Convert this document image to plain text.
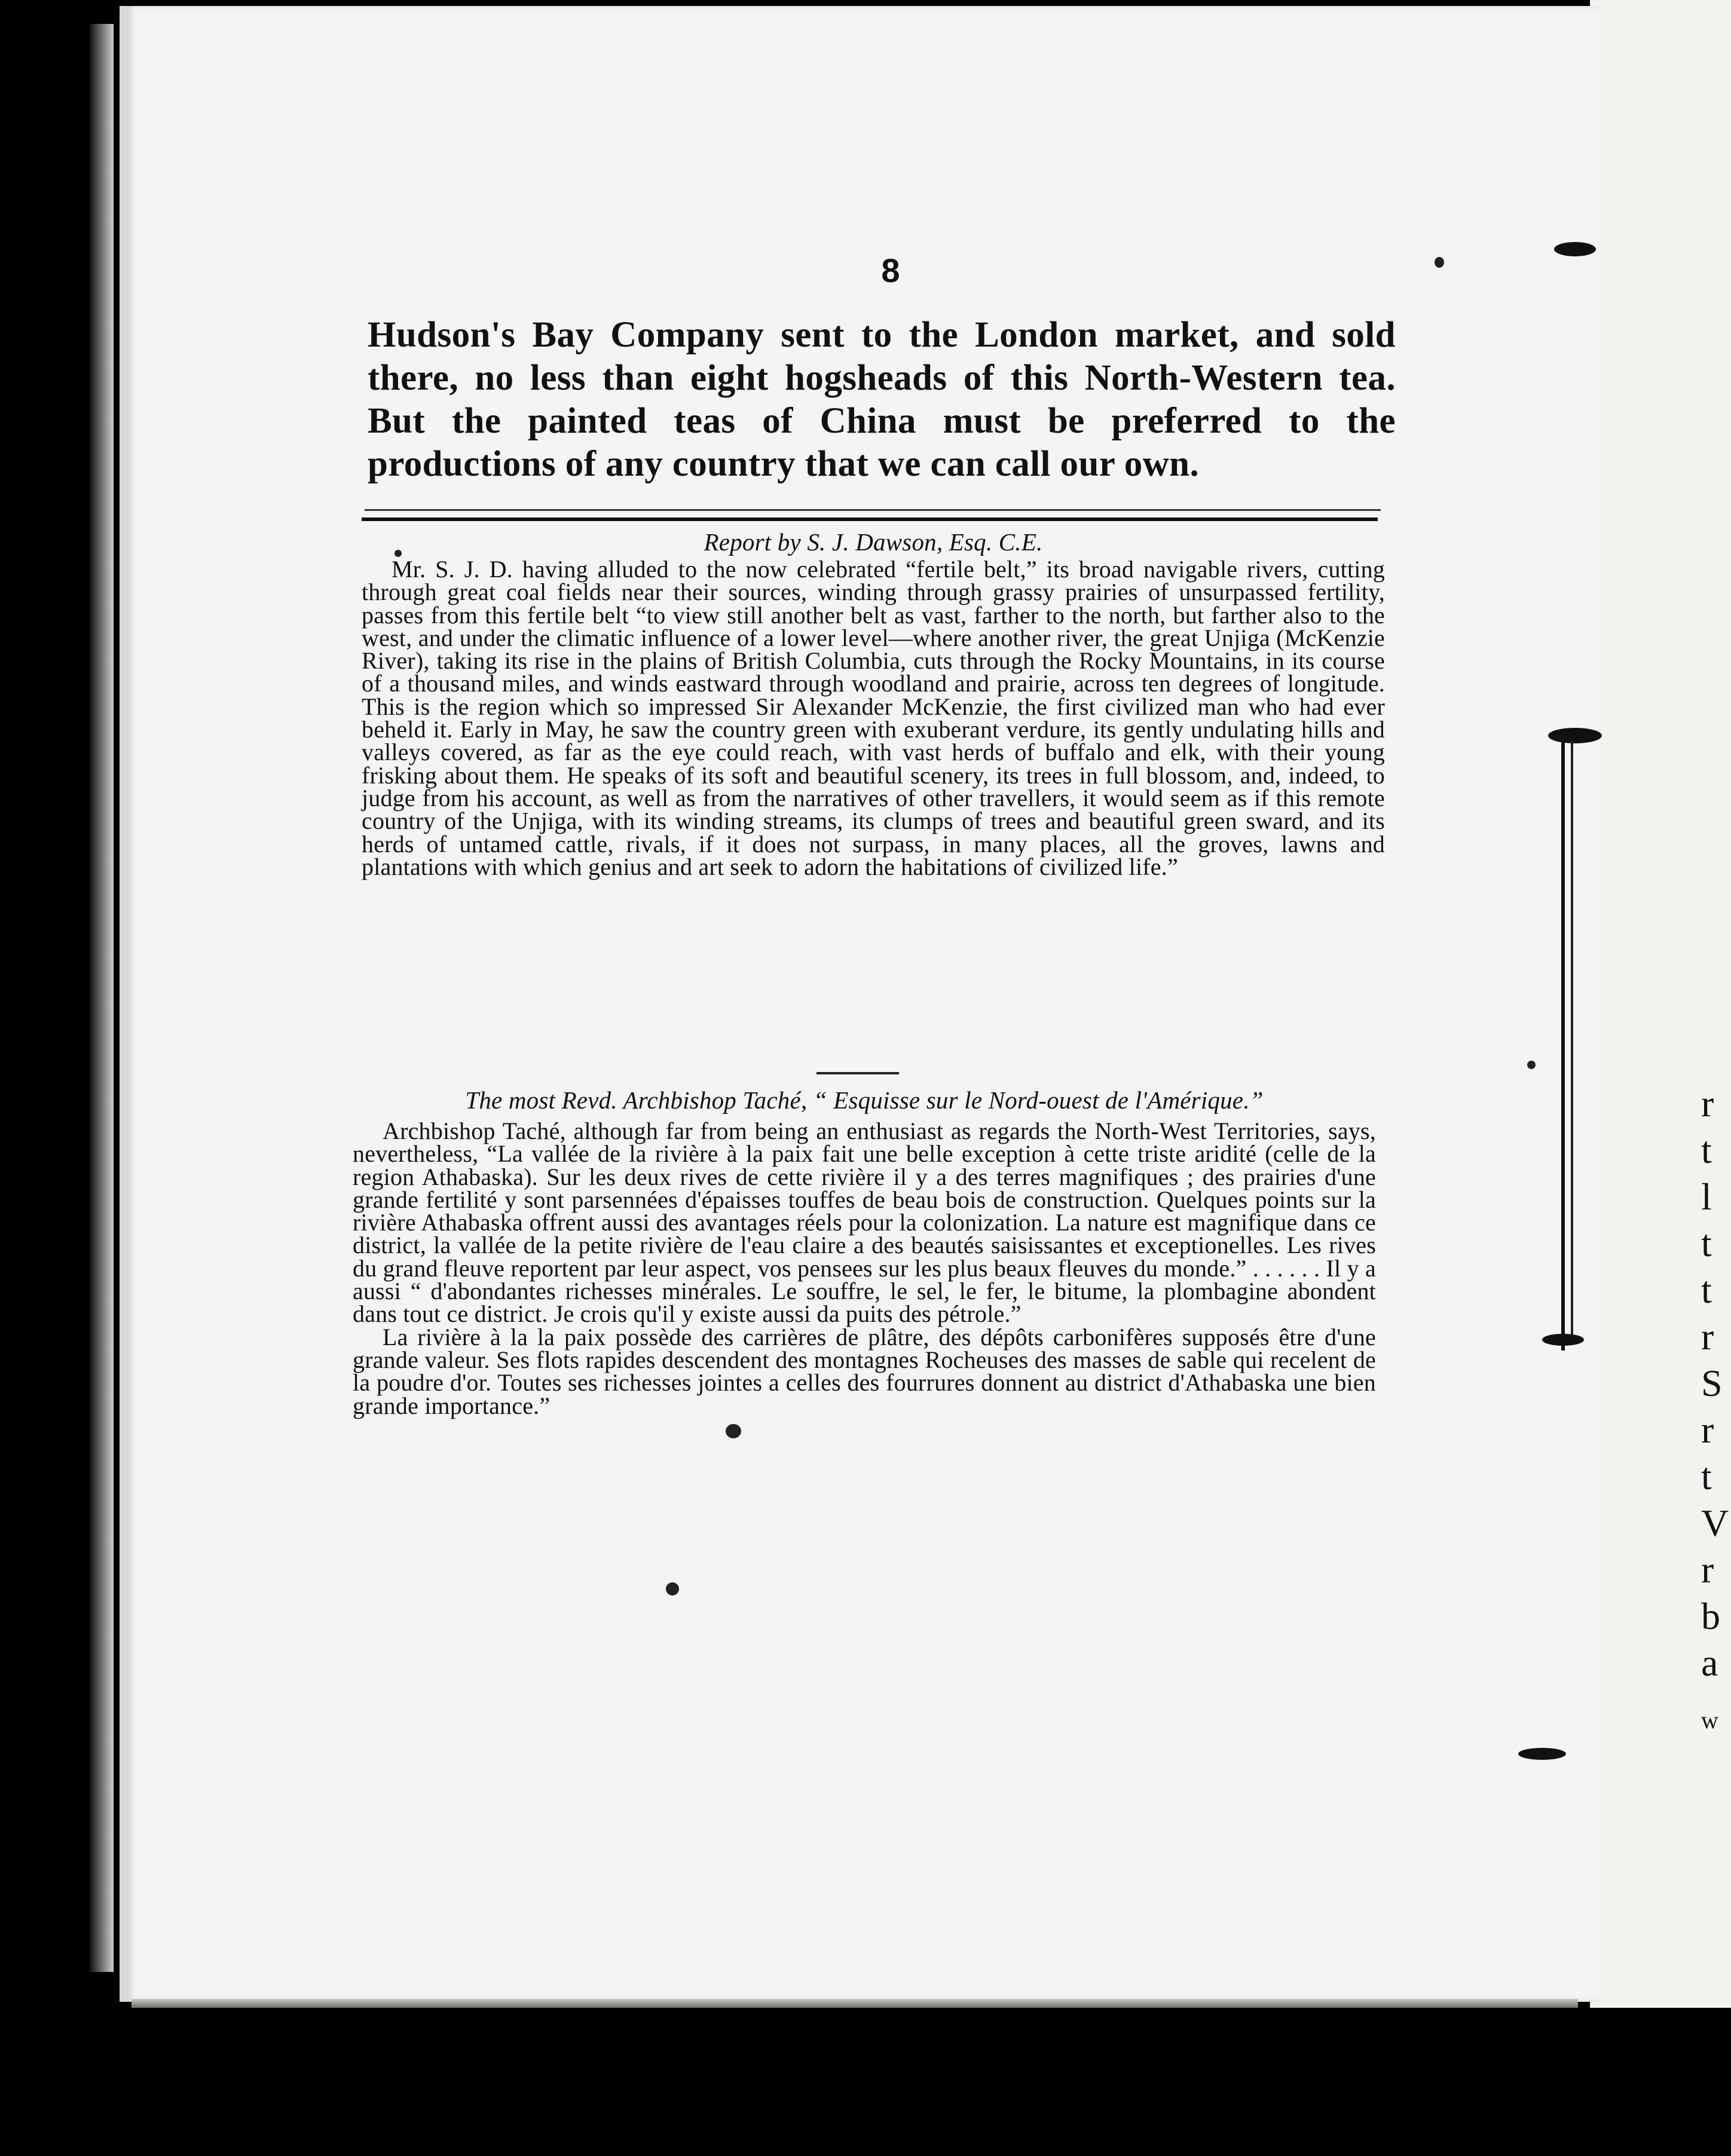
r
t
l
t
t
r
S
r
t
V
r
b
a
w
8
Hudson's Bay Company sent to the London market, and sold there, no less than eight hogsheads of this North-Western tea. But the painted teas of China must be preferred to the productions of any country that we can call our own.
Report by S. J. Dawson, Esq. C.E.

Mr. S. J. D. having alluded to the now celebrated “fertile belt,” its broad navigable rivers, cutting through great coal fields near their sources, winding through grassy prairies of unsurpassed fertility, passes from this fertile belt “to view still another belt as vast, farther to the north, but farther also to the west, and under the climatic influence of a lower level—where another river, the great Unjiga (McKenzie River), taking its rise in the plains of British Columbia, cuts through the Rocky Mountains, in its course of a thousand miles, and winds eastward through woodland and prairie, across ten degrees of longitude. This is the region which so impressed Sir Alexander McKenzie, the first civilized man who had ever beheld it. Early in May, he saw the country green with exuberant verdure, its gently undulating hills and valleys covered, as far as the eye could reach, with vast herds of buffalo and elk, with their young frisking about them. He speaks of its soft and beautiful scenery, its trees in full blossom, and, indeed, to judge from his account, as well as from the narratives of other travellers, it would seem as if this remote country of the Unjiga, with its winding streams, its clumps of trees and beautiful green sward, and its herds of untamed cattle, rivals, if it does not surpass, in many places, all the groves, lawns and plantations with which genius and art seek to adorn the habitations of civilized life.”

The most Revd. Archbishop Taché, “ Esquisse sur le Nord-ouest de l'Amérique.”

Archbishop Taché, although far from being an enthusiast as regards the North-West Territories, says, nevertheless, “La vallée de la rivière à la paix fait une belle exception à cette triste aridité (celle de la region Athabaska). Sur les deux rives de cette rivière il y a des terres magnifiques ; des prairies d'une grande fertilité y sont parsennées d'épaisses touffes de beau bois de construction. Quelques points sur la rivière Athabaska offrent aussi des avantages réels pour la colonization. La nature est magnifique dans ce district, la vallée de la petite rivière de l'eau claire a des beautés saisissantes et exceptionelles. Les rives du grand fleuve reportent par leur aspect, vos pensees sur les plus beaux fleuves du monde.” . . . . . . Il y a aussi “ d'abondantes richesses minérales. Le souffre, le sel, le fer, le bitume, la plombagine abondent dans tout ce district. Je crois qu'il y existe aussi da puits des pétrole.”

La rivière à la la paix possède des carrières de plâtre, des dépôts carbonifères supposés être d'une grande valeur. Ses flots rapides descendent des montagnes Rocheuses des masses de sable qui recelent de la poudre d'or. Toutes ses richesses jointes a celles des fourrures donnent au district d'Athabaska une bien grande importance.”
